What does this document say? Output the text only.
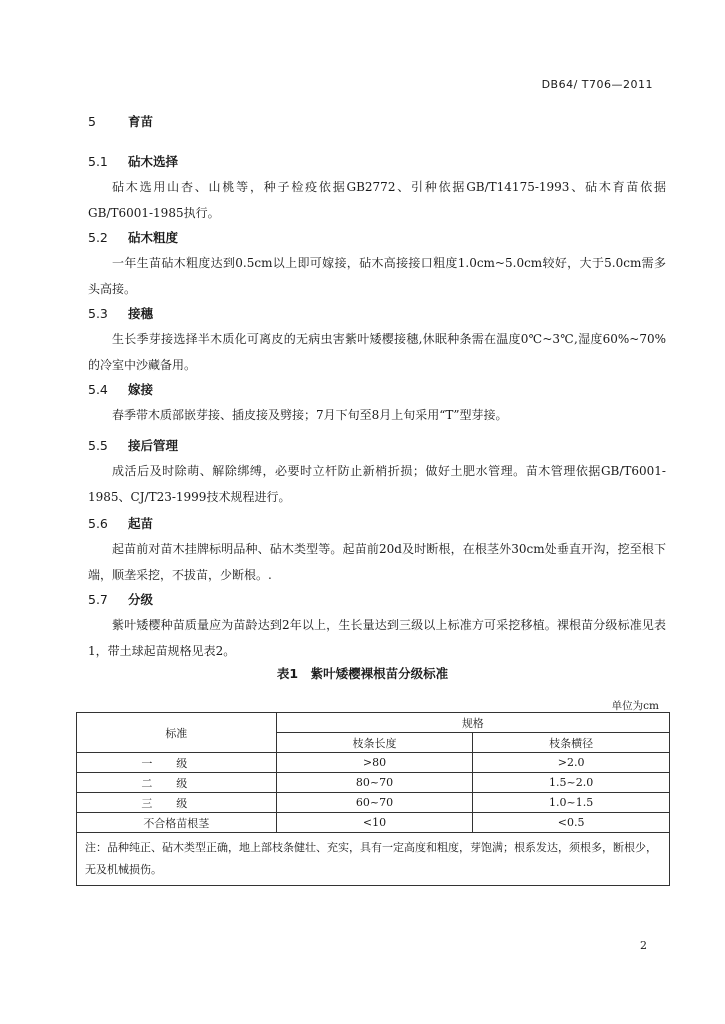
DB64/ T706—2011
5	育苗
5.1 砧木选择

砧木选用山杏、山桃等，种子检疫依据GB2772、引种依据GB/T14175-1993、砧木育苗依据GB/T6001-1985执行。

5.2 砧木粗度

一年生苗砧木粗度达到0.5cm以上即可嫁接，砧木高接接口粗度1.0cm~5.0cm较好，大于5.0cm需多头高接。

5.3 接穗

生长季芽接选择半木质化可离皮的无病虫害紫叶矮樱接穗,休眠种条需在温度0℃~3℃,湿度60%~70%的冷室中沙藏备用。

5.4 嫁接

春季带木质部嵌芽接、插皮接及劈接；7月下旬至8月上旬采用“T”型芽接。

5.5 接后管理

成活后及时除萌、解除绑缚，必要时立杆防止新梢折损；做好土肥水管理。苗木管理依据GB/T6001-1985、CJ/T23-1999技术规程进行。

5.6 起苗

起苗前对苗木挂牌标明品种、砧木类型等。起苗前20d及时断根，在根茎外30cm处垂直开沟，挖至根下端，顺垄采挖，不拔苗，少断根。.

5.7 分级

紫叶矮樱种苗质量应为苗龄达到2年以上，生长量达到三级以上标准方可采挖移植。裸根苗分级标准见表1，带土球起苗规格见表2。

表1　紫叶矮樱裸根苗分级标准
单位为cm
标准	规格	
	枝条长度	枝条横径
一级	>80	>2.0
二级	80~70	1.5~2.0
三级	60~70	1.0~1.5
不合格苗根茎	<10	<0.5
注：品种纯正、砧木类型正确，地上部枝条健壮、充实，具有一定高度和粗度，芽饱满；根系发达，须根多，断根少，无及机械损伤。		
2
